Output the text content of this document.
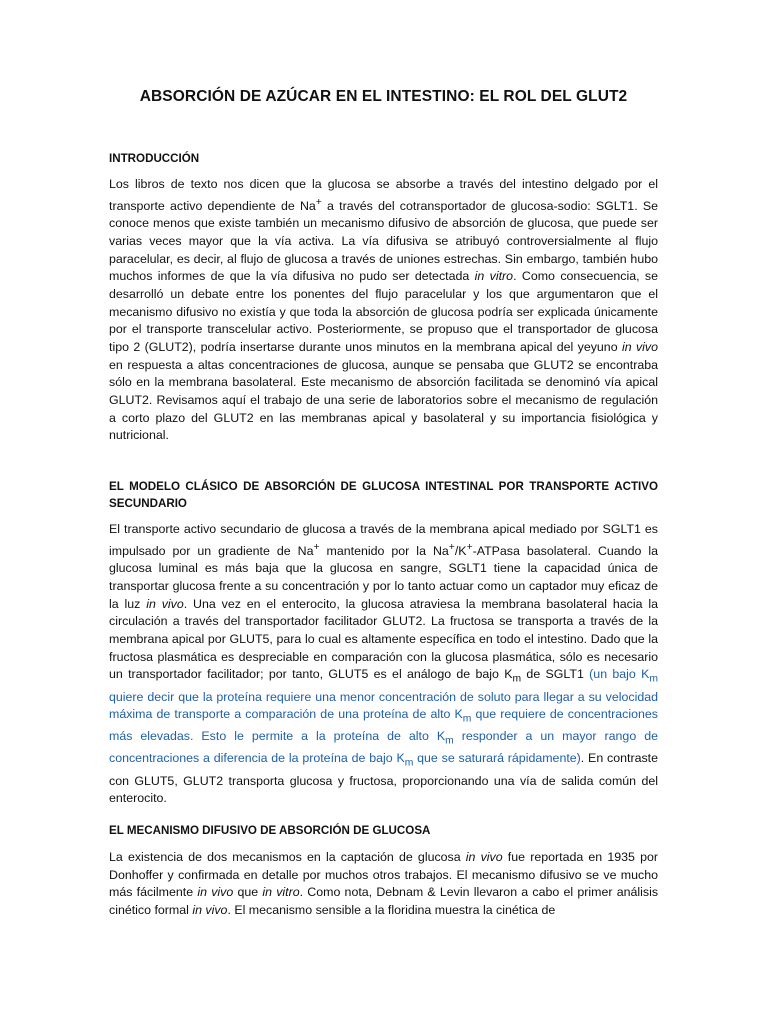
ABSORCIÓN DE AZÚCAR EN EL INTESTINO: EL ROL DEL GLUT2
INTRODUCCIÓN

Los libros de texto nos dicen que la glucosa se absorbe a través del intestino delgado por el transporte activo dependiente de Na+ a través del cotransportador de glucosa-sodio: SGLT1. Se conoce menos que existe también un mecanismo difusivo de absorción de glucosa, que puede ser varias veces mayor que la vía activa. La vía difusiva se atribuyó controversialmente al flujo paracelular, es decir, al flujo de glucosa a través de uniones estrechas. Sin embargo, también hubo muchos informes de que la vía difusiva no pudo ser detectada in vitro. Como consecuencia, se desarrolló un debate entre los ponentes del flujo paracelular y los que argumentaron que el mecanismo difusivo no existía y que toda la absorción de glucosa podría ser explicada únicamente por el transporte transcelular activo. Posteriormente, se propuso que el transportador de glucosa tipo 2 (GLUT2), podría insertarse durante unos minutos en la membrana apical del yeyuno in vivo en respuesta a altas concentraciones de glucosa, aunque se pensaba que GLUT2 se encontraba sólo en la membrana basolateral. Este mecanismo de absorción facilitada se denominó vía apical GLUT2. Revisamos aquí el trabajo de una serie de laboratorios sobre el mecanismo de regulación a corto plazo del GLUT2 en las membranas apical y basolateral y su importancia fisiológica y nutricional.

EL MODELO CLÁSICO DE ABSORCIÓN DE GLUCOSA INTESTINAL POR TRANSPORTE ACTIVO SECUNDARIO

El transporte activo secundario de glucosa a través de la membrana apical mediado por SGLT1 es impulsado por un gradiente de Na+ mantenido por la Na+/K+-ATPasa basolateral. Cuando la glucosa luminal es más baja que la glucosa en sangre, SGLT1 tiene la capacidad única de transportar glucosa frente a su concentración y por lo tanto actuar como un captador muy eficaz de la luz in vivo. Una vez en el enterocito, la glucosa atraviesa la membrana basolateral hacia la circulación a través del transportador facilitador GLUT2. La fructosa se transporta a través de la membrana apical por GLUT5, para lo cual es altamente específica en todo el intestino. Dado que la fructosa plasmática es despreciable en comparación con la glucosa plasmática, sólo es necesario un transportador facilitador; por tanto, GLUT5 es el análogo de bajo $K_m$ de SGLT1 (un bajo $K_m$ quiere decir que la proteína requiere una menor concentración de soluto para llegar a su velocidad máxima de transporte a comparación de una proteína de alto $K_m$ que requiere de concentraciones más elevadas. Esto le permite a la proteína de alto $K_m$ responder a un mayor rango de concentraciones a diferencia de la proteína de bajo $K_m$ que se saturará rápidamente). En contraste con GLUT5, GLUT2 transporta glucosa y fructosa, proporcionando una vía de salida común del enterocito.

EL MECANISMO DIFUSIVO DE ABSORCIÓN DE GLUCOSA

La existencia de dos mecanismos en la captación de glucosa in vivo fue reportada en 1935 por Donhoffer y confirmada en detalle por muchos otros trabajos. El mecanismo difusivo se ve mucho más fácilmente in vivo que in vitro. Como nota, Debnam & Levin llevaron a cabo el primer análisis cinético formal in vivo. El mecanismo sensible a la floridina muestra la cinética de
